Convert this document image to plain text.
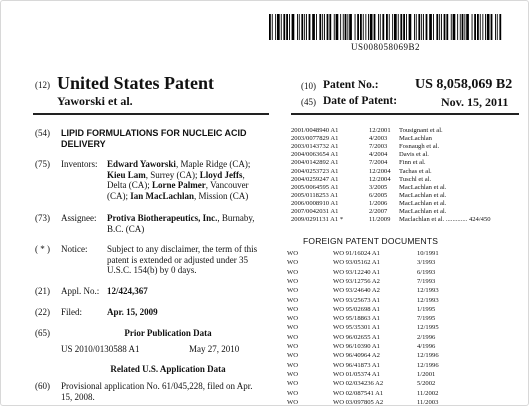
US008058069B2
(12) United States Patent
Yaworski et al.
(10) Patent No.:	US 8,058,069 B2
(45) Date of Patent:	Nov. 15, 2011
(54) LIPID FORMULATIONS FOR NUCLEIC ACID
DELIVERY
(75) Inventors: Edward Yaworski, Maple Ridge (CA);
Kieu Lam, Surrey (CA); Lloyd Jeffs,
Delta (CA); Lorne Palmer, Vancouver
(CA); Ian MacLachlan, Mission (CA)
(73) Assignee: Protiva Biotherapeutics, Inc., Burnaby,
B.C. (CA)
( * ) Notice: Subject to any disclaimer, the term of this
patent is extended or adjusted under 35
U.S.C. 154(b) by 0 days.
(21) Appl. No.: 12/424,367
(22) Filed:	Apr. 15, 2009
(65)	Prior Publication Data
US 2010/0130588 A1	May 27, 2010
Related U.S. Application Data
(60) Provisional application No. 61/045,228, filed on Apr.
15, 2008.
2001/0048940 A1	12/2001 Tousignant et al.
2003/0077829 A1	4/2003 MacLachlan
2003/0143732 A1	7/2003 Fosnaugh et al.
2004/0063654 A1	4/2004 Davis et al.
2004/0142892 A1	7/2004 Finn et al.
2004/0253723 A1	12/2004 Tachas et al.
2004/0259247 A1	12/2004 Tuschl et al.
2005/0064595 A1	3/2005 MacLachlan et al.
2005/0118253 A1	6/2005 MacLachlan et al.
2006/0008910 A1	1/2006 MacLachlan et al.
2007/0042031 A1	2/2007 MacLachlan et al.
2009/0291131 A1 *	11/2009 Maclachlan et al. ............. 424/450
FOREIGN PATENT DOCUMENTS
WO	WO 91/16024 A1	10/1991
WO	WO 93/05162 A1	3/1993
WO	WO 93/12240 A1	6/1993
WO	WO 93/12756 A2	7/1993
WO	WO 93/24640 A2	12/1993
WO	WO 93/25673 A1	12/1993
WO	WO 95/02698 A1	1/1995
WO	WO 95/18863 A1	7/1995
WO	WO 95/35301 A1	12/1995
WO	WO 96/02655 A1	2/1996
WO	WO 96/10390 A1	4/1996
WO	WO 96/40964 A2	12/1996
WO	WO 96/41873 A1	12/1996
WO	WO 01/05374 A1	1/2001
WO	WO 02/034236 A2	5/2002
WO	WO 02/087541 A1	11/2002
WO	WO 03/097805 A2	11/2003
